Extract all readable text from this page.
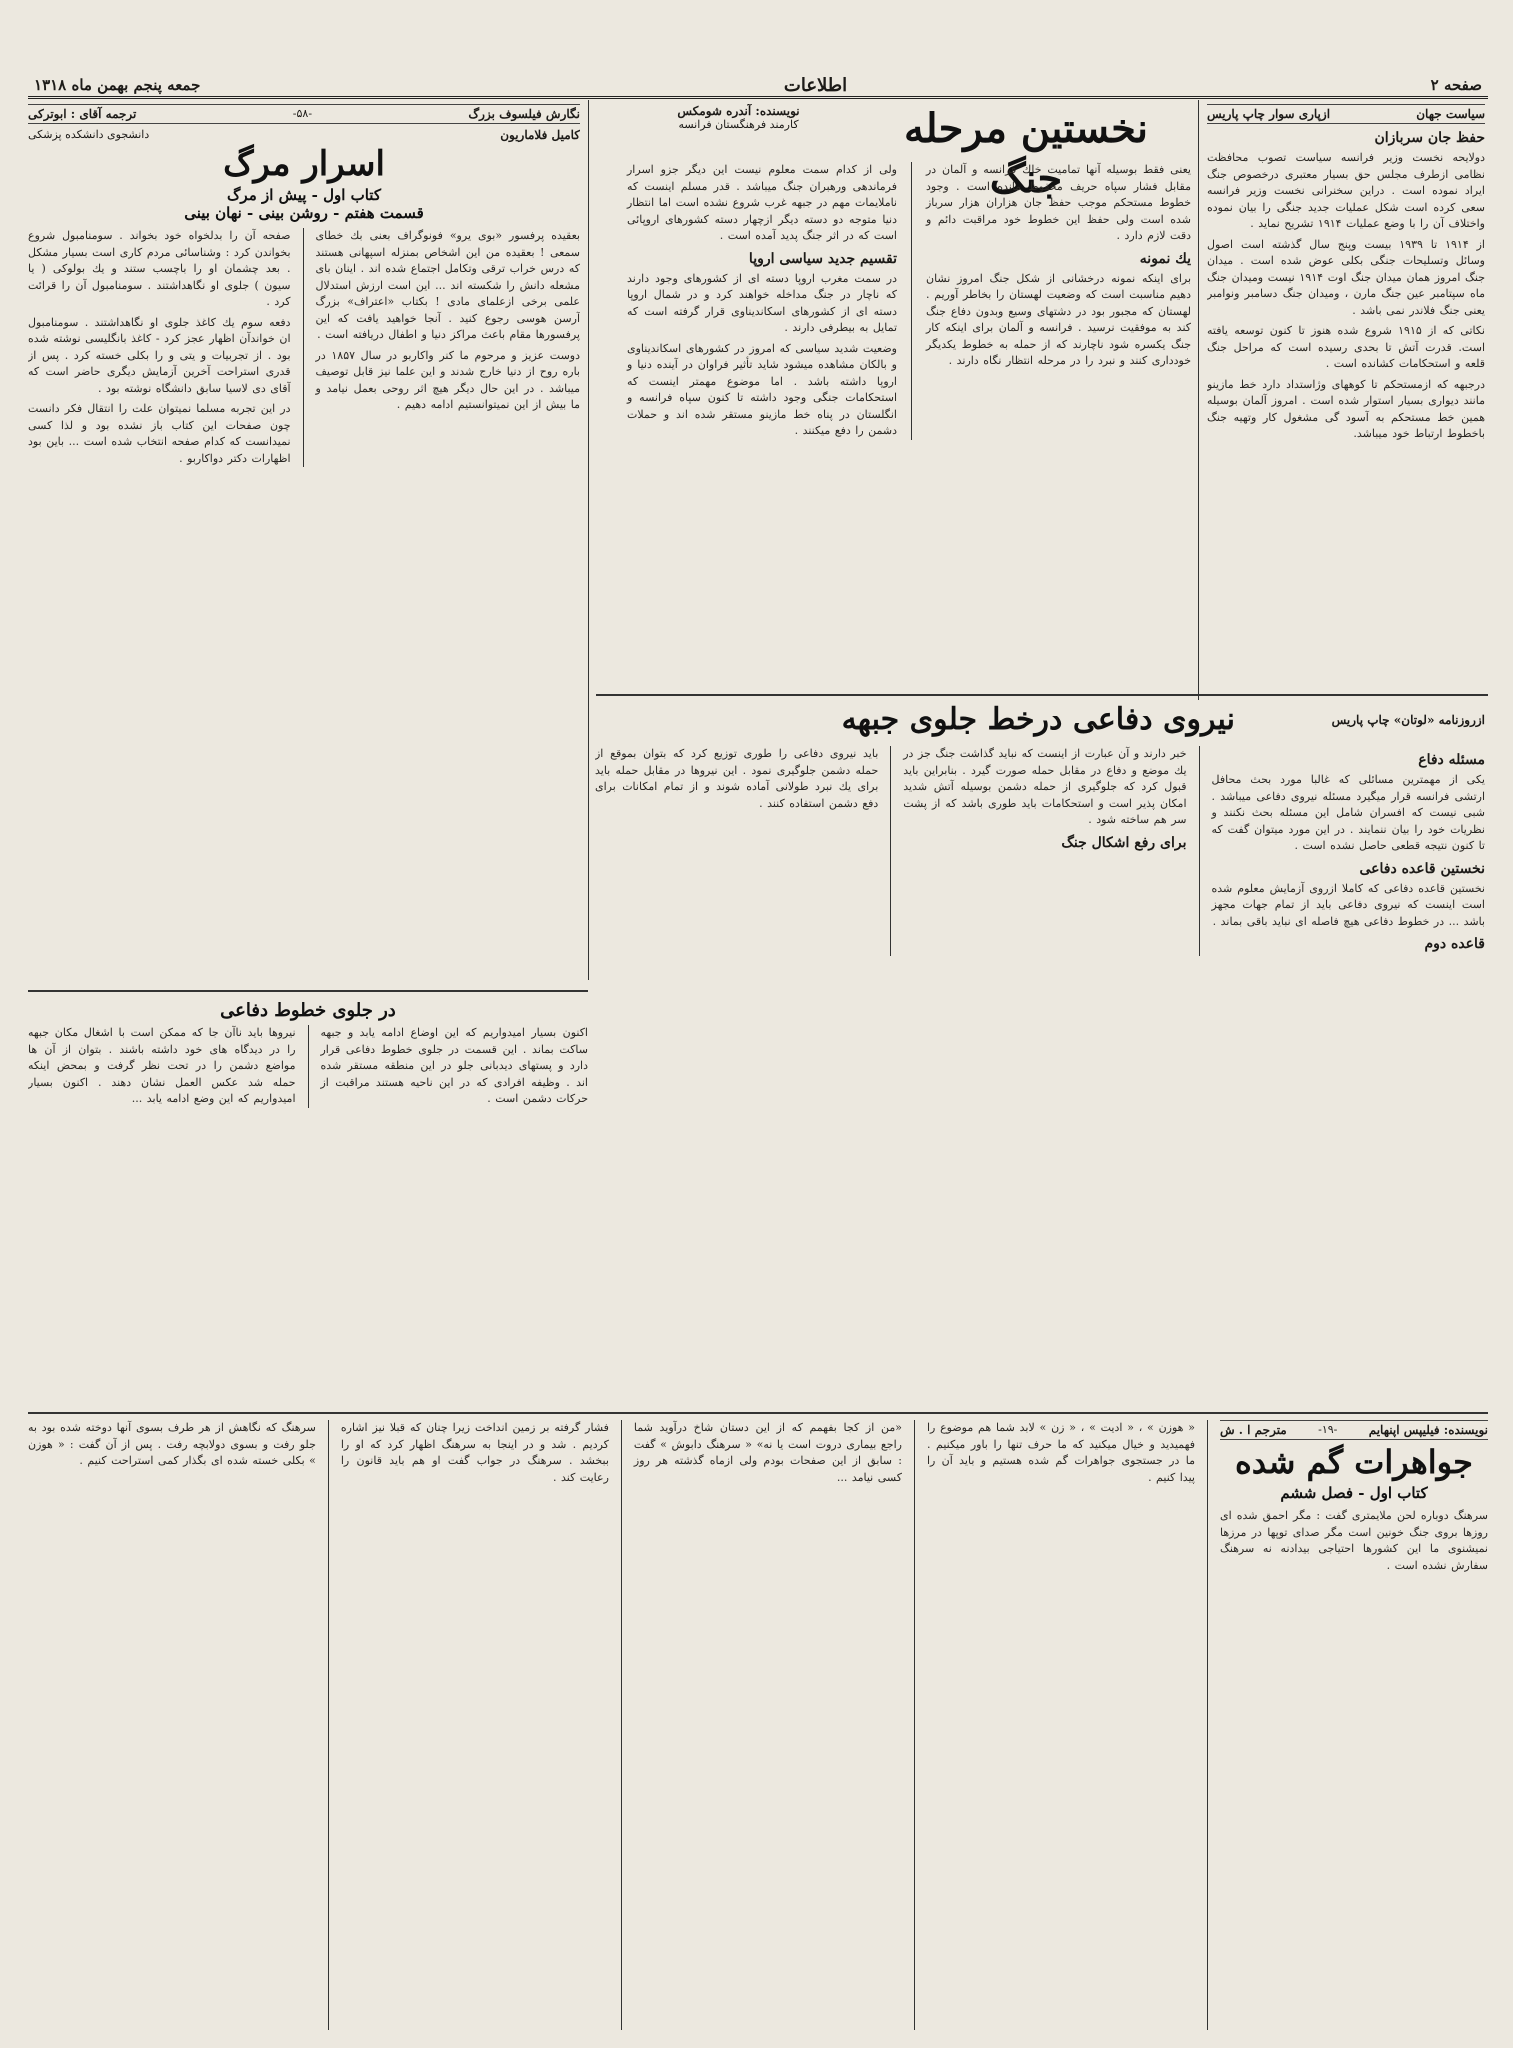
صفحه ۲
اطلاعات
جمعه پنجم بهمن ماه ۱۳۱۸
سیاست جهان
ازپاری سوار چاپ پاریس
حفظ جان سربازان
دولایحه نخست وزیر فرانسه سیاست تصوب محافظت نظامی ازطرف مجلس حق بسیار معتبری درخصوص جنگ ایراد نموده است . دراین سخنرانی نخست وزیر فرانسه سعی کرده است شکل عملیات جدید جنگی را بیان نموده واختلاف آن را با وضع عملیات ۱۹۱۴ تشریح نماید .
از ۱۹۱۴ تا ۱۹۳۹ بیست وپنج سال گذشته است اصول وسائل وتسلیحات جنگی بکلی عوض شده است . میدان جنگ امروز همان میدان جنگ اوت ۱۹۱۴ نیست ومیدان جنگ ماه سپتامبر عین جنگ مارن ، ومیدان جنگ دسامبر ونوامبر یعنی جنگ فلاندر نمی باشد .
نکاتی که از ۱۹۱۵ شروع شده هنوز تا کنون توسعه یافته است. قدرت آتش تا بحدی رسیده است که مراحل جنگ قلعه و استحکامات کشانده است .
درجبهه که ازمستحکم تا کوههای وژاستداد دارد خط مازینو مانند دیواری بسیار استوار شده است . امروز آلمان بوسیله همین خط مستحکم به آسود گی مشغول کار وتهیه جنگ باخطوط ارتباط خود میباشد.
نخستین مرحله جنگ
نویسنده: آندره شومکس
کارمند فرهنگستان فرانسه
یعنی فقط بوسیله آنها تمامیت خاك فرانسه و آلمان در مقابل فشار سپاه حریف محفوظ مانده است . وجود خطوط مستحکم موجب حفظ جان هزاران هزار سرباز شده است ولی حفظ این خطوط خود مراقبت دائم و دقت لازم دارد .
یك نمونه
برای اینکه نمونه درخشانی از شکل جنگ امروز نشان دهیم مناسبت است که وضعیت لهستان را بخاطر آوریم . لهستان که مجبور بود در دشتهای وسیع وبدون دفاع جنگ کند به موفقیت نرسید . فرانسه و آلمان برای اینکه کار جنگ یکسره شود ناچارند که از حمله به خطوط یکدیگر خودداری کنند و نبرد را در مرحله انتظار نگاه دارند .
ولی از کدام سمت معلوم نیست این دیگر جزو اسرار فرماندهی ورهبران جنگ میباشد . قدر مسلم اینست که ناملایمات مهم در جبهه غرب شروع نشده است اما انتظار دنیا متوجه دو دسته دیگر ازچهار دسته کشورهای اروپائی است که در اثر جنگ پدید آمده است .
تقسیم جدید سیاسی اروپا
در سمت مغرب اروپا دسته ای از کشورهای وجود دارند که ناچار در جنگ مداخله خواهند کرد و در شمال اروپا دسته ای از کشورهای اسکاندیناوی قرار گرفته است که تمایل به بیطرفی دارند .
وضعیت شدید سیاسی که امروز در کشورهای اسکاندیناوی و بالکان مشاهده میشود شاید تأثیر فراوان در آینده دنیا و اروپا داشته باشد . اما موضوع مهمتر اینست که استحکامات جنگی وجود داشته تا کنون سپاه فرانسه و انگلستان در پناه خط مازینو مستقر شده اند و حملات دشمن را دفع میکنند .
نگارش فیلسوف بزرگ
-۵۸-
ترجمه آقای : ابوترکی
کامیل فلاماریون
دانشجوی دانشکده پزشکی
اسرار مرگ
کتاب اول - پیش از مرگ
قسمت هفتم - روشن بینی - نهان بینی
بعقیده پرفسور «بوی یرو» فونوگراف بعنی بك خطای سمعی ! بعقیده من این اشخاص بمنزله اسپهانی هستند که درس خراب ترقی وتکامل اجتماع شده اند . اینان بای مشعله دانش را شکسته اند ... این است ارزش استدلال علمی برخی ازعلمای مادی ! بکتاب «اعتراف» بزرگ آرسن هوسی رجوع کنید . آنجا خواهید یافت که این پرفسورها مقام باعث مراکز دنیا و اطفال دریافته است .
دوست عزیز و مرحوم ما کنر واکاربو در سال ۱۸۵۷ در باره روح از دنیا خارج شدند و این علما نیز قابل توصیف میباشد . در این حال دیگر هیچ اثر روحی بعمل نیامد و ما بیش از این نمیتوانستیم ادامه دهیم .
صفحه آن را بدلخواه خود بخواند . سومنامبول شروع بخواندن کرد : وشناسائی مردم کاری است بسیار مشکل . بعد چشمان او را باچسب ستند و یك بولوکی ( یا سیون ) جلوی او نگاهداشتند . سومنامبول آن را قرائت کرد .
دفعه سوم یك کاغذ جلوی او نگاهداشتند . سومنامبول ان خواندآن اظهار عجز کرد - کاغذ بانگلیسی نوشته شده بود . از تجربیات و یتی و را بکلی خسته کرد . پس از قدری استراحت آخرین آزمایش دیگری حاضر است که آقای دی لاسیا سابق دانشگاه نوشته بود .
در این تجربه مسلما نمیتوان علت را انتقال فکر دانست چون صفحات این کتاب باز نشده بود و لذا کسی نمیدانست که کدام صفحه انتخاب شده است ... باین بود اظهارات دکتر دواکاربو .
ازروزنامه «لوتان» چاپ پاریس
نیروی دفاعی درخط جلوی جبهه
مسئله دفاع
یکی از مهمترین مسائلی که غالبا مورد بحث محافل ارتشی فرانسه قرار میگیرد مسئله نیروی دفاعی میباشد . شبی نیست که افسران شامل این مسئله بحث نکنند و نظریات خود را بیان ننمایند . در این مورد میتوان گفت که تا کنون نتیجه قطعی حاصل نشده است .
نخستین قاعده دفاعی
نخستین قاعده دفاعی که کاملا ازروی آزمایش معلوم شده است اینست که نیروی دفاعی باید از تمام جهات مجهز باشد ... در خطوط دفاعی هیچ فاصله ای نباید باقی بماند .
قاعده دوم
خبر دارند و آن عبارت از اینست که نباید گذاشت جنگ جز در یك موضع و دفاع در مقابل حمله صورت گیرد . بنابراین باید قبول کرد که جلوگیری از حمله دشمن بوسیله آتش شدید امکان پذیر است و استحکامات باید طوری باشد که از پشت سر هم ساخته شود .
برای رفع اشکال جنگ
باید نیروی دفاعی را طوری توزیع کرد که بتوان بموقع از حمله دشمن جلوگیری نمود . این نیروها در مقابل حمله باید برای یك نبرد طولانی آماده شوند و از تمام امکانات برای دفع دشمن استفاده کنند .
در جلوی خطوط دفاعی
اکنون بسیار امیدواریم که این اوضاع ادامه یابد و جبهه ساکت بماند . این قسمت در جلوی خطوط دفاعی قرار دارد و پستهای دیدبانی جلو در این منطقه مستقر شده اند . وظیفه افرادی که در این ناحیه هستند مراقبت از حرکات دشمن است .
نیروها باید ناآن جا که ممکن است با اشغال مکان جبهه را در دیدگاه های خود داشته باشند . بتوان از آن ها مواضع دشمن را در تحت نظر گرفت و بمحض اینکه حمله شد عکس العمل نشان دهند . اکنون بسیار امیدواریم که این وضع ادامه یابد ...
نویسنده: فیلیپس اپنهایم
-۱۹-
مترجم ا . ش
جواهرات گم شده
کتاب اول - فصل ششم
سرهنگ دوباره لحن ملایمتری گفت : مگر احمق شده ای روزها بروی جنگ خونین است مگر صدای توپها در مرزها نمیشنوی ما این کشورها احتیاجی بیدادنه نه سرهنگ سفارش نشده است .
« هوزن » ، « ادیت » ، « زن » لابد شما هم موضوع را فهمیدید و خیال میکنید که ما حرف تنها را باور میکنیم . ما در جستجوی جواهرات گم شده هستیم و باید آن را پیدا کنیم .
«من از کجا بفهمم که از این دستان شاخ درآوید شما راجع بیماری دروت است یا نه» « سرهنگ دابوش » گفت : سابق از این صفحات بودم ولی ازماه گذشته هر روز کسی نیامد ...
فشار گرفته بر زمین انداخت زیرا چنان که قبلا نیز اشاره کردیم . شد و در اینجا به سرهنگ اظهار کرد که او را ببخشد . سرهنگ در جواب گفت او هم باید قانون را رعایت کند .
سرهنگ که نگاهش از هر طرف بسوی آنها دوخته شده بود به جلو رفت و بسوی دولابچه رفت . پس از آن گفت : « هوزن » بکلی خسته شده ای بگذار کمی استراحت کنیم .
